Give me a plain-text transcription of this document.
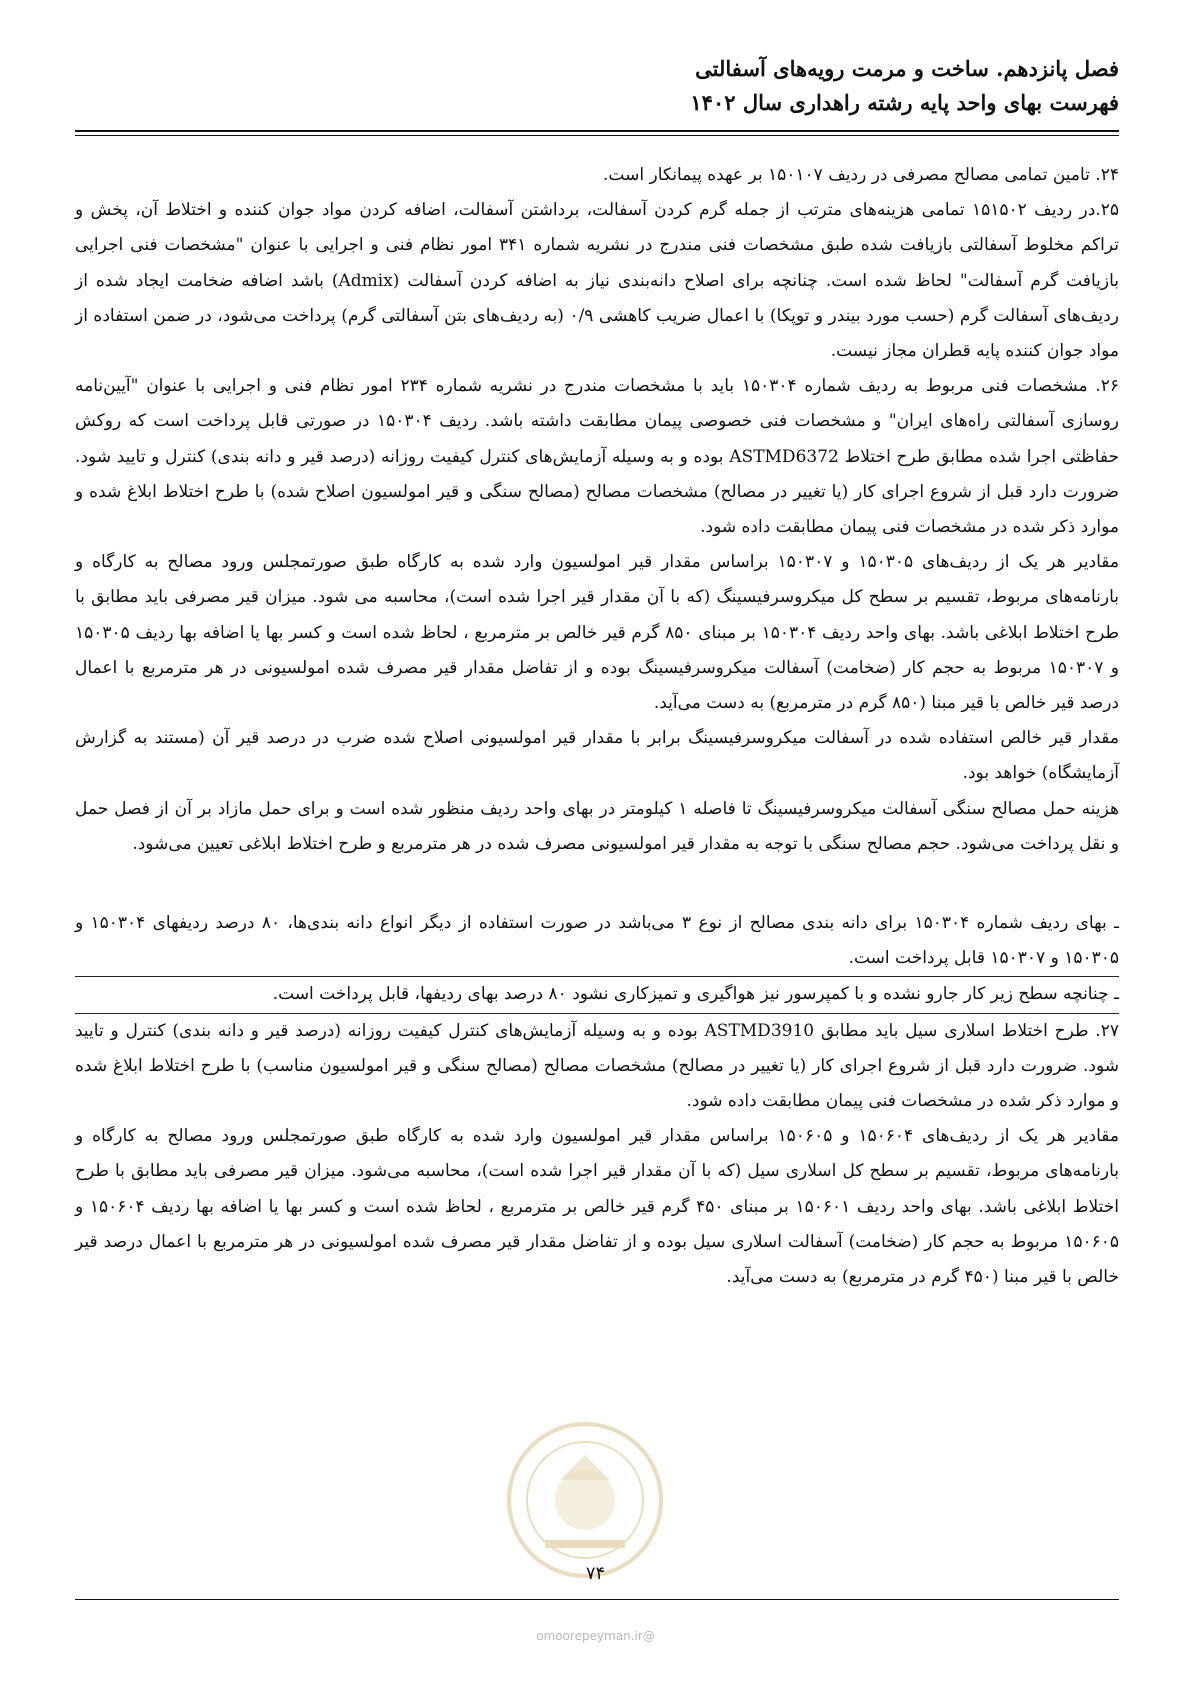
فصل پانزدهم. ساخت و مرمت رویه‌های آسفالتی
فهرست بهای واحد پایه رشته راهداری سال ۱۴۰۲

۲۴. تامین تمامی مصالح مصرفی در ردیف ۱۵۰۱۰۷ بر عهده پیمانکار است.

۲۵.در ردیف ۱۵۱۵۰۲ تمامی هزینه‌های مترتب از جمله گرم کردن آسفالت، برداشتن آسفالت، اضافه کردن مواد جوان کننده و اختلاط آن، پخش و تراکم مخلوط آسفالتی بازیافت شده طبق مشخصات فنی مندرج در نشریه شماره ۳۴۱ امور نظام فنی و اجرایی با عنوان "مشخصات فنی اجرایی بازیافت گرم آسفالت" لحاظ شده است. چنانچه برای اصلاح دانه‌بندی نیاز به اضافه کردن آسفالت (Admix) باشد اضافه ضخامت ایجاد شده از ردیف‌های آسفالت گرم (حسب مورد بیندر و توپکا) با اعمال ضریب کاهشی ۰/۹ (به ردیف‌های بتن آسفالتی گرم) پرداخت می‌شود، در ضمن استفاده از مواد جوان کننده پایه قطران مجاز نیست.

۲۶. مشخصات فنی مربوط به ردیف شماره ۱۵۰۳۰۴ باید با مشخصات مندرج در نشریه شماره ۲۳۴ امور نظام فنی و اجرایی با عنوان "آیین‌نامه روسازی آسفالتی راه‌های ایران" و مشخصات فنی خصوصی پیمان مطابقت داشته باشد. ردیف ۱۵۰۳۰۴ در صورتی قابل پرداخت است که روکش حفاظتی اجرا شده مطابق طرح اختلاط ASTMD6372 بوده و به وسیله آزمایش‌های کنترل کیفیت روزانه (درصد قیر و دانه بندی) کنترل و تایید شود. ضرورت دارد قبل از شروع اجرای کار (یا تغییر در مصالح) مشخصات مصالح (مصالح سنگی و قیر امولسیون اصلاح شده) با طرح اختلاط ابلاغ شده و موارد ذکر شده در مشخصات فنی پیمان مطابقت داده شود.

مقادیر هر یک از ردیف‌های ۱۵۰۳۰۵ و ۱۵۰۳۰۷ براساس مقدار قیر امولسیون وارد شده به کارگاه طبق صورتمجلس ورود مصالح به کارگاه و بارنامه‌های مربوط، تقسیم بر سطح کل میکروسرفیسینگ (که با آن مقدار قیر اجرا شده است)، محاسبه می شود. میزان قیر مصرفی باید مطابق با طرح اختلاط ابلاغی باشد. بهای واحد ردیف ۱۵۰۳۰۴ بر مبنای ۸۵۰ گرم قیر خالص بر مترمربع ، لحاظ شده است و کسر بها یا اضافه بها ردیف ۱۵۰۳۰۵ و ۱۵۰۳۰۷ مربوط به حجم کار (ضخامت) آسفالت میکروسرفیسینگ بوده و از تفاضل مقدار قیر مصرف شده امولسیونی در هر مترمربع با اعمال درصد قیر خالص با قیر مبنا (۸۵۰ گرم در مترمربع) به دست می‌آید.

مقدار قیر خالص استفاده شده در آسفالت میکروسرفیسینگ برابر با مقدار قیر امولسیونی اصلاح شده ضرب در درصد قیر آن (مستند به گزارش آزمایشگاه) خواهد بود.

هزینه حمل مصالح سنگی آسفالت میکروسرفیسینگ تا فاصله ۱ کیلومتر در بهای واحد ردیف منظور شده است و برای حمل مازاد بر آن از فصل حمل و نقل پرداخت می‌شود. حجم مصالح سنگی با توجه به مقدار قیر امولسیونی مصرف شده در هر مترمربع و طرح اختلاط ابلاغی تعیین می‌شود.

ـ بهای ردیف شماره ۱۵۰۳۰۴ برای دانه بندی مصالح از نوع ۳ می‌باشد در صورت استفاده از دیگر انواع دانه بندی‌ها، ۸۰ درصد ردیفهای ۱۵۰۳۰۴ و ۱۵۰۳۰۵ و ۱۵۰۳۰۷ قابل پرداخت است.

ـ چنانچه سطح زیر کار جارو نشده و با کمپرسور نیز هواگیری و تمیزکاری نشود ۸۰ درصد بهای ردیفها، قابل پرداخت است.

۲۷. طرح اختلاط اسلاری سیل باید مطابق ASTMD3910 بوده و به وسیله آزمایش‌های کنترل کیفیت روزانه (درصد قیر و دانه بندی) کنترل و تایید شود. ضرورت دارد قبل از شروع اجرای کار (یا تغییر در مصالح) مشخصات مصالح (مصالح سنگی و قیر امولسیون مناسب) با طرح اختلاط ابلاغ شده و موارد ذکر شده در مشخصات فنی پیمان مطابقت داده شود.

مقادیر هر یک از ردیف‌های ۱۵۰۶۰۴ و ۱۵۰۶۰۵ براساس مقدار قیر امولسیون وارد شده به کارگاه طبق صورتمجلس ورود مصالح به کارگاه و بارنامه‌های مربوط، تقسیم بر سطح کل اسلاری سیل (که با آن مقدار قیر اجرا شده است)، محاسبه می‌شود. میزان قیر مصرفی باید مطابق با طرح اختلاط ابلاغی باشد. بهای واحد ردیف ۱۵۰۶۰۱ بر مبنای ۴۵۰ گرم قیر خالص بر مترمربع ، لحاظ شده است و کسر بها یا اضافه بها ردیف ۱۵۰۶۰۴ و ۱۵۰۶۰۵ مربوط به حجم کار (ضخامت) آسفالت اسلاری سیل بوده و از تفاضل مقدار قیر مصرف شده امولسیونی در هر مترمربع با اعمال درصد قیر خالص با قیر مبنا (۴۵۰ گرم در مترمربع) به دست می‌آید.

۷۴
@omoorepeyman.ir
